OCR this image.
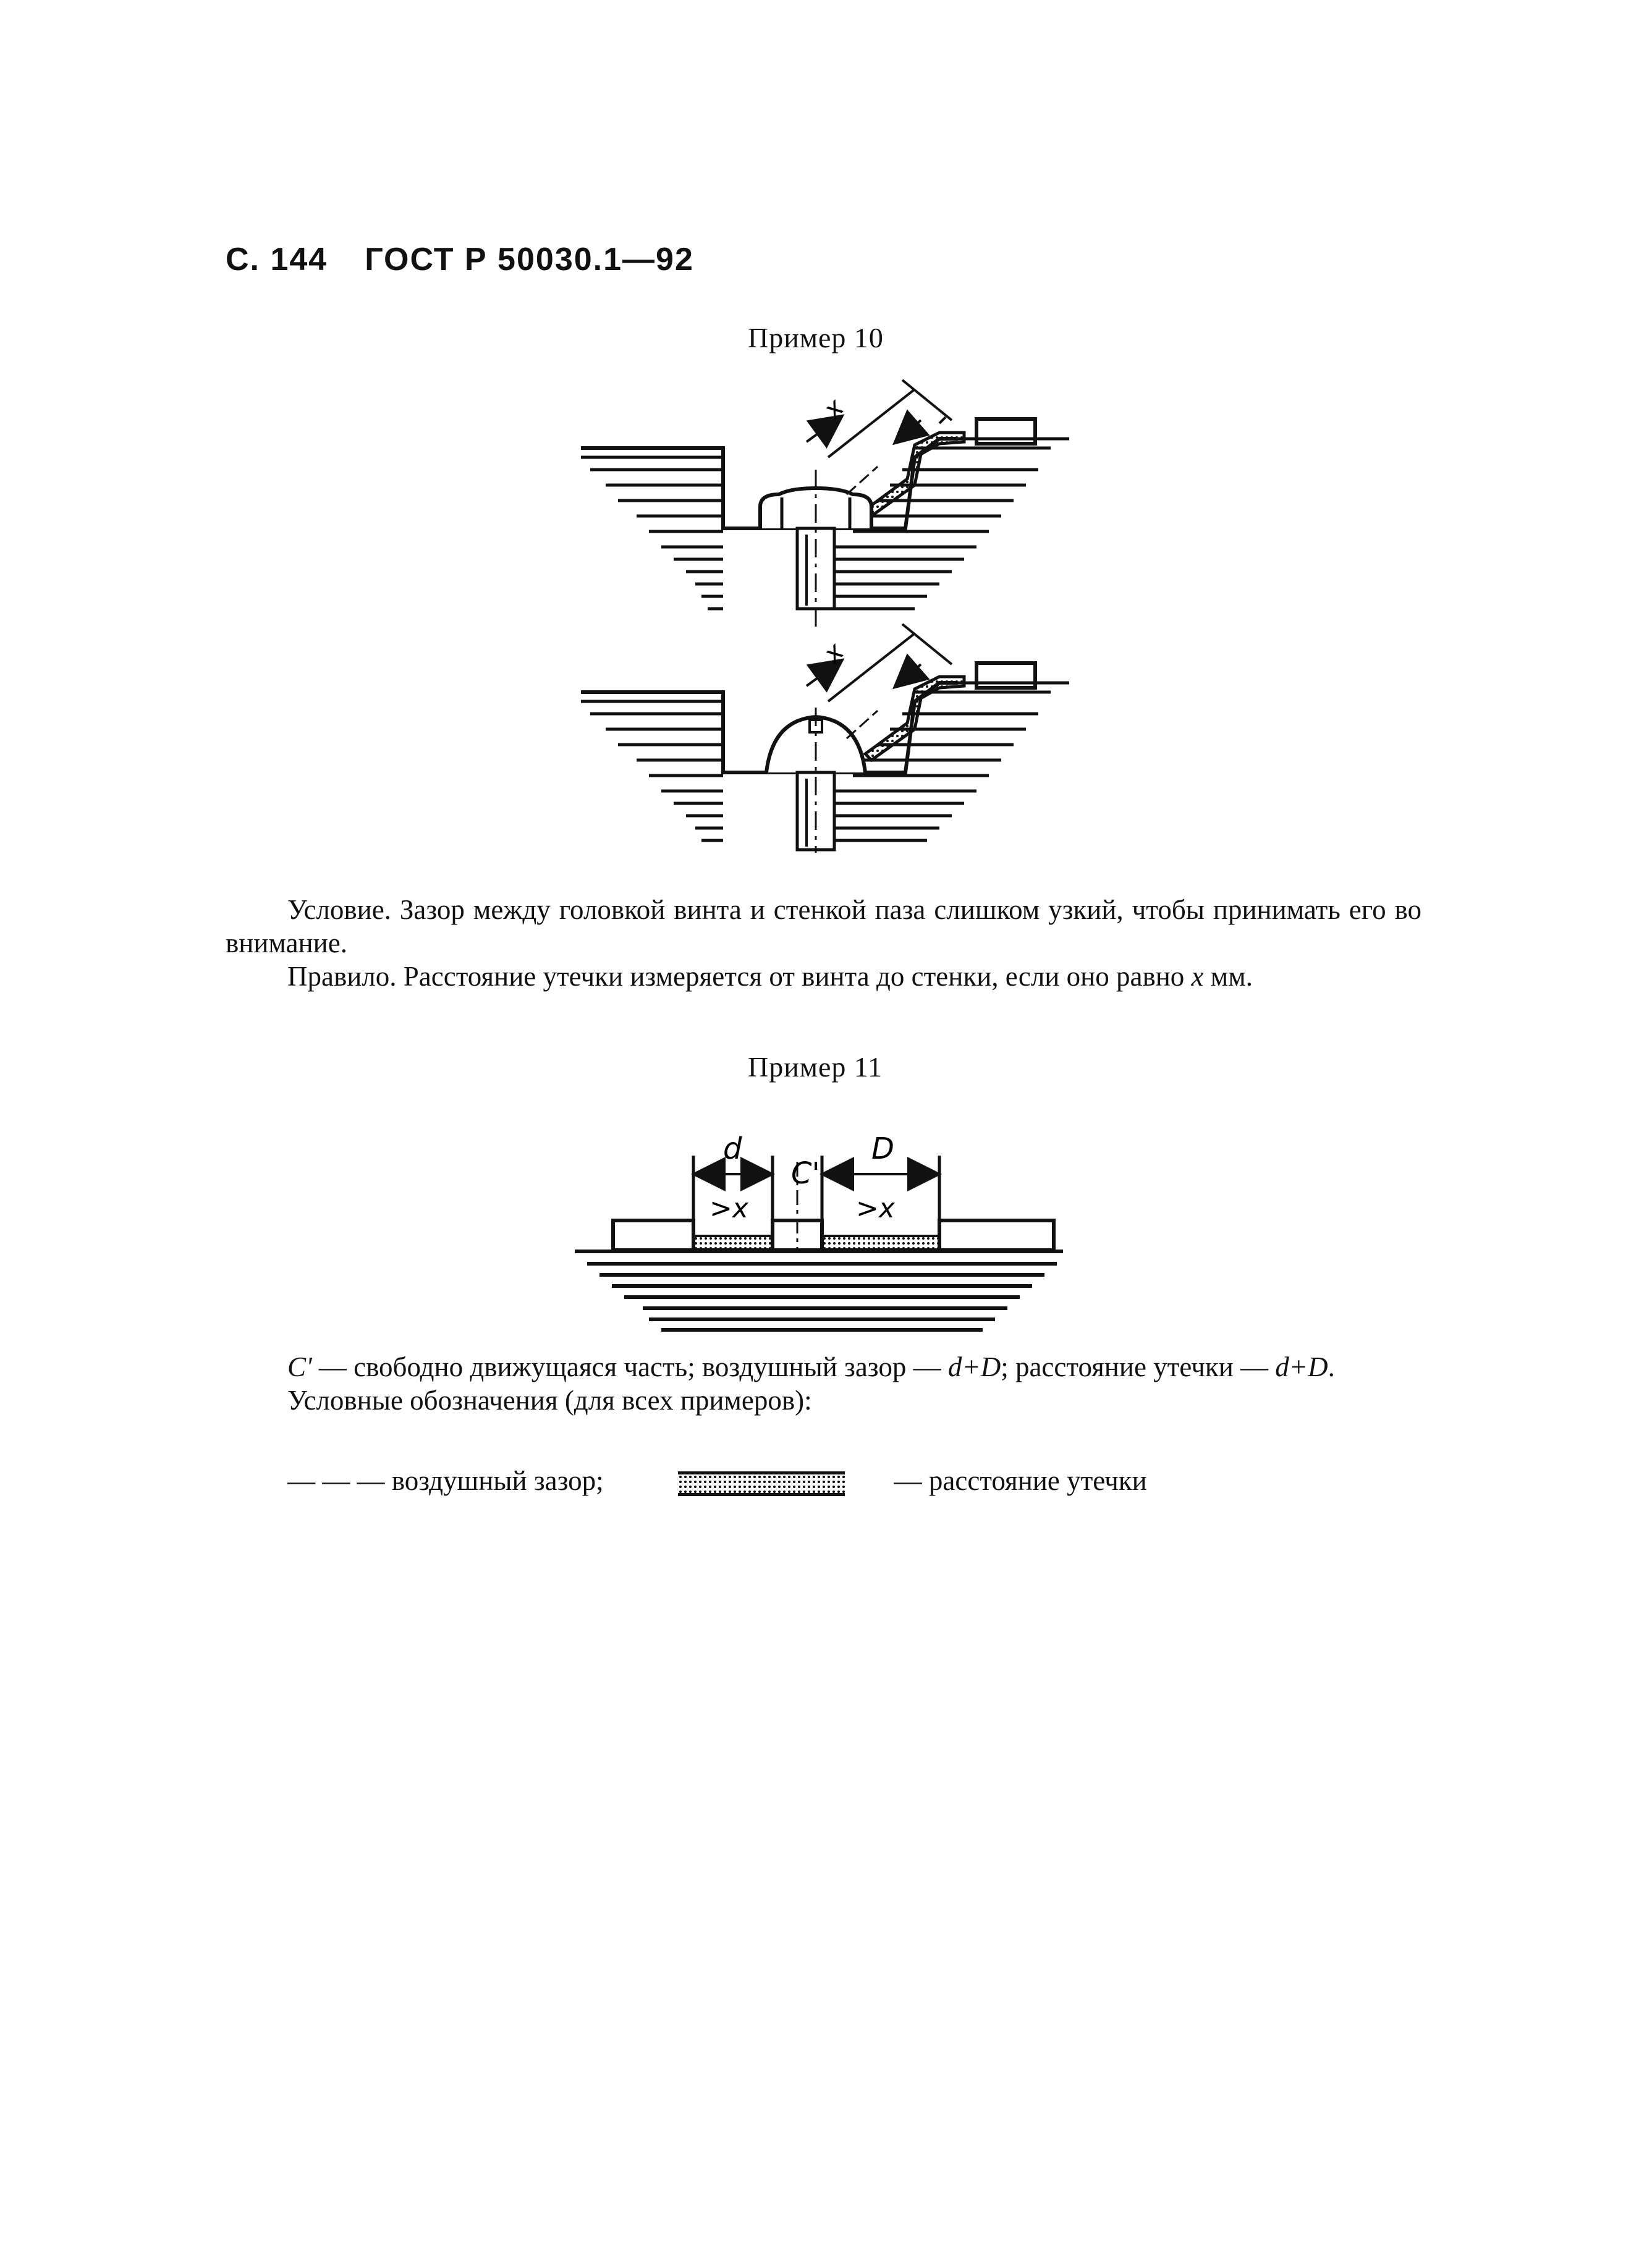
С. 144 ГОСТ Р 50030.1—92
Пример 10
x
x

Условие. Зазор между головкой винта и стенкой паза слишком узкий, чтобы принимать его во внимание.

Правило. Расстояние утечки измеряется от винта до стенки, если оно равно x мм.

Пример 11
d	D
C'
>x	>x

C' — свободно движущаяся часть; воздушный зазор — d+D; расстояние утечки — d+D.

Условные обозначения (для всех примеров):

— — — воздушный зазор;	— расстояние утечки
